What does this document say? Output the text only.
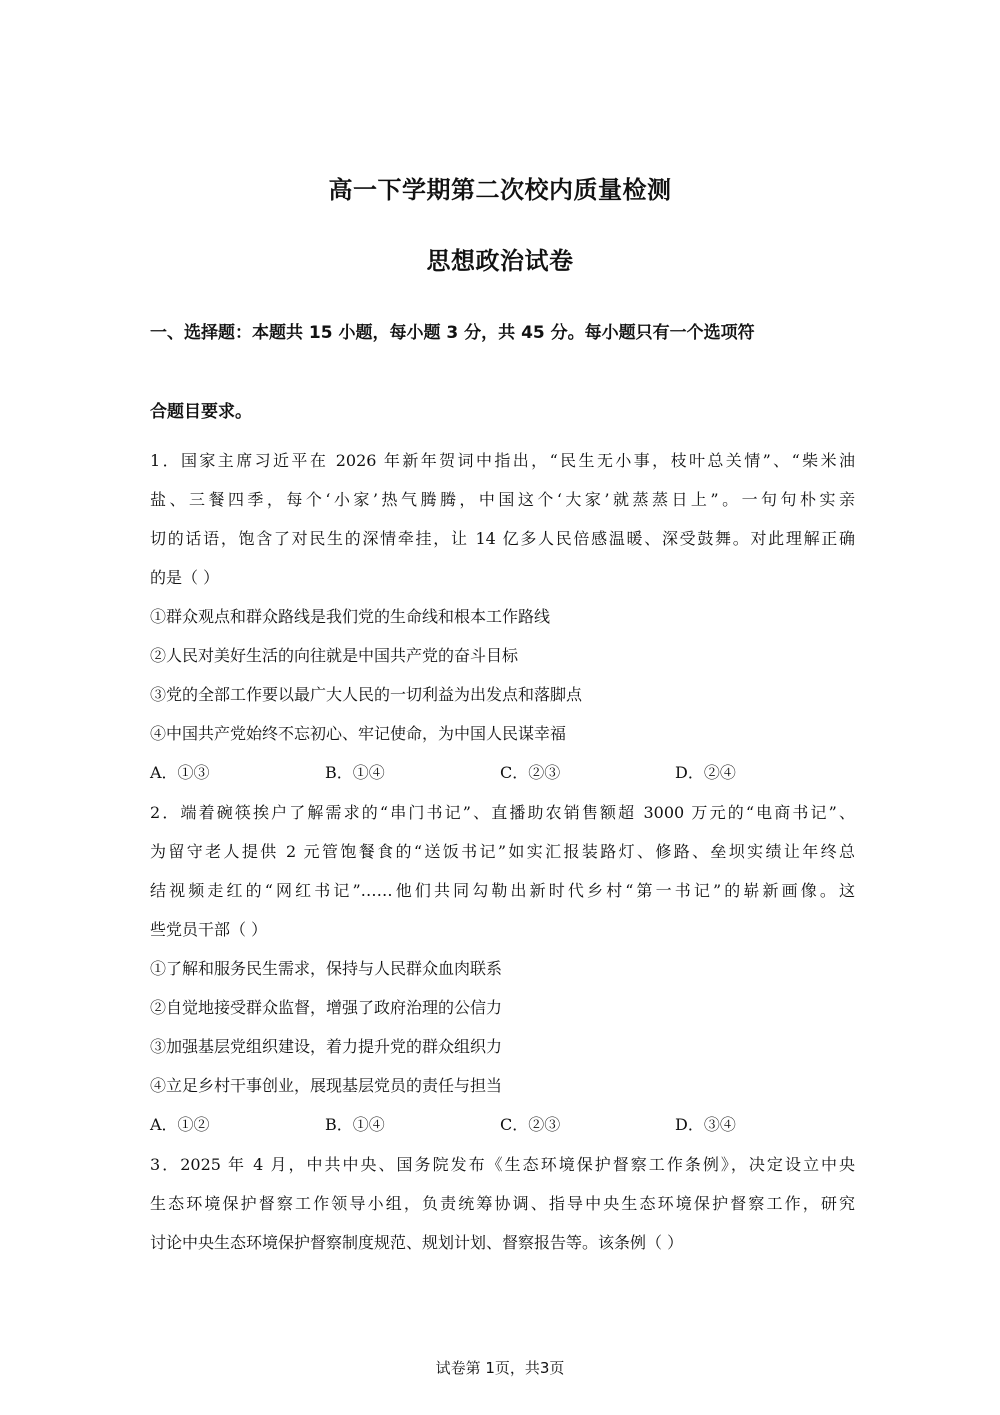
高一下学期第二次校内质量检测
思想政治试卷
一、选择题：本题共 15 小题，每小题 3 分，共 45 分。每小题只有一个选项符
合题目要求。
1．国家主席习近平在 2026 年新年贺词中指出，“民生无小事，枝叶总关情”、“柴米油
盐、三餐四季，每个‘小家’热气腾腾，中国这个‘大家’就蒸蒸日上”。一句句朴实亲
切的话语，饱含了对民生的深情牵挂，让 14 亿多人民倍感温暖、深受鼓舞。对此理解正确
的是（ ）
①群众观点和群众路线是我们党的生命线和根本工作路线
②人民对美好生活的向往就是中国共产党的奋斗目标
③党的全部工作要以最广大人民的一切利益为出发点和落脚点
④中国共产党始终不忘初心、牢记使命，为中国人民谋幸福
A．①③	B．①④	C．②③	D．②④
2．端着碗筷挨户了解需求的“串门书记”、直播助农销售额超 3000 万元的“电商书记”、
为留守老人提供 2 元管饱餐食的“送饭书记”如实汇报装路灯、修路、垒坝实绩让年终总
结视频走红的“网红书记”……他们共同勾勒出新时代乡村“第一书记”的崭新画像。这
些党员干部（ ）
①了解和服务民生需求，保持与人民群众血肉联系
②自觉地接受群众监督，增强了政府治理的公信力
③加强基层党组织建设，着力提升党的群众组织力
④立足乡村干事创业，展现基层党员的责任与担当
A．①②	B．①④	C．②③	D．③④
3．2025 年 4 月，中共中央、国务院发布《生态环境保护督察工作条例》，决定设立中央
生态环境保护督察工作领导小组，负责统筹协调、指导中央生态环境保护督察工作，研究
讨论中央生态环境保护督察制度规范、规划计划、督察报告等。该条例（ ）
试卷第 1页，共3页
